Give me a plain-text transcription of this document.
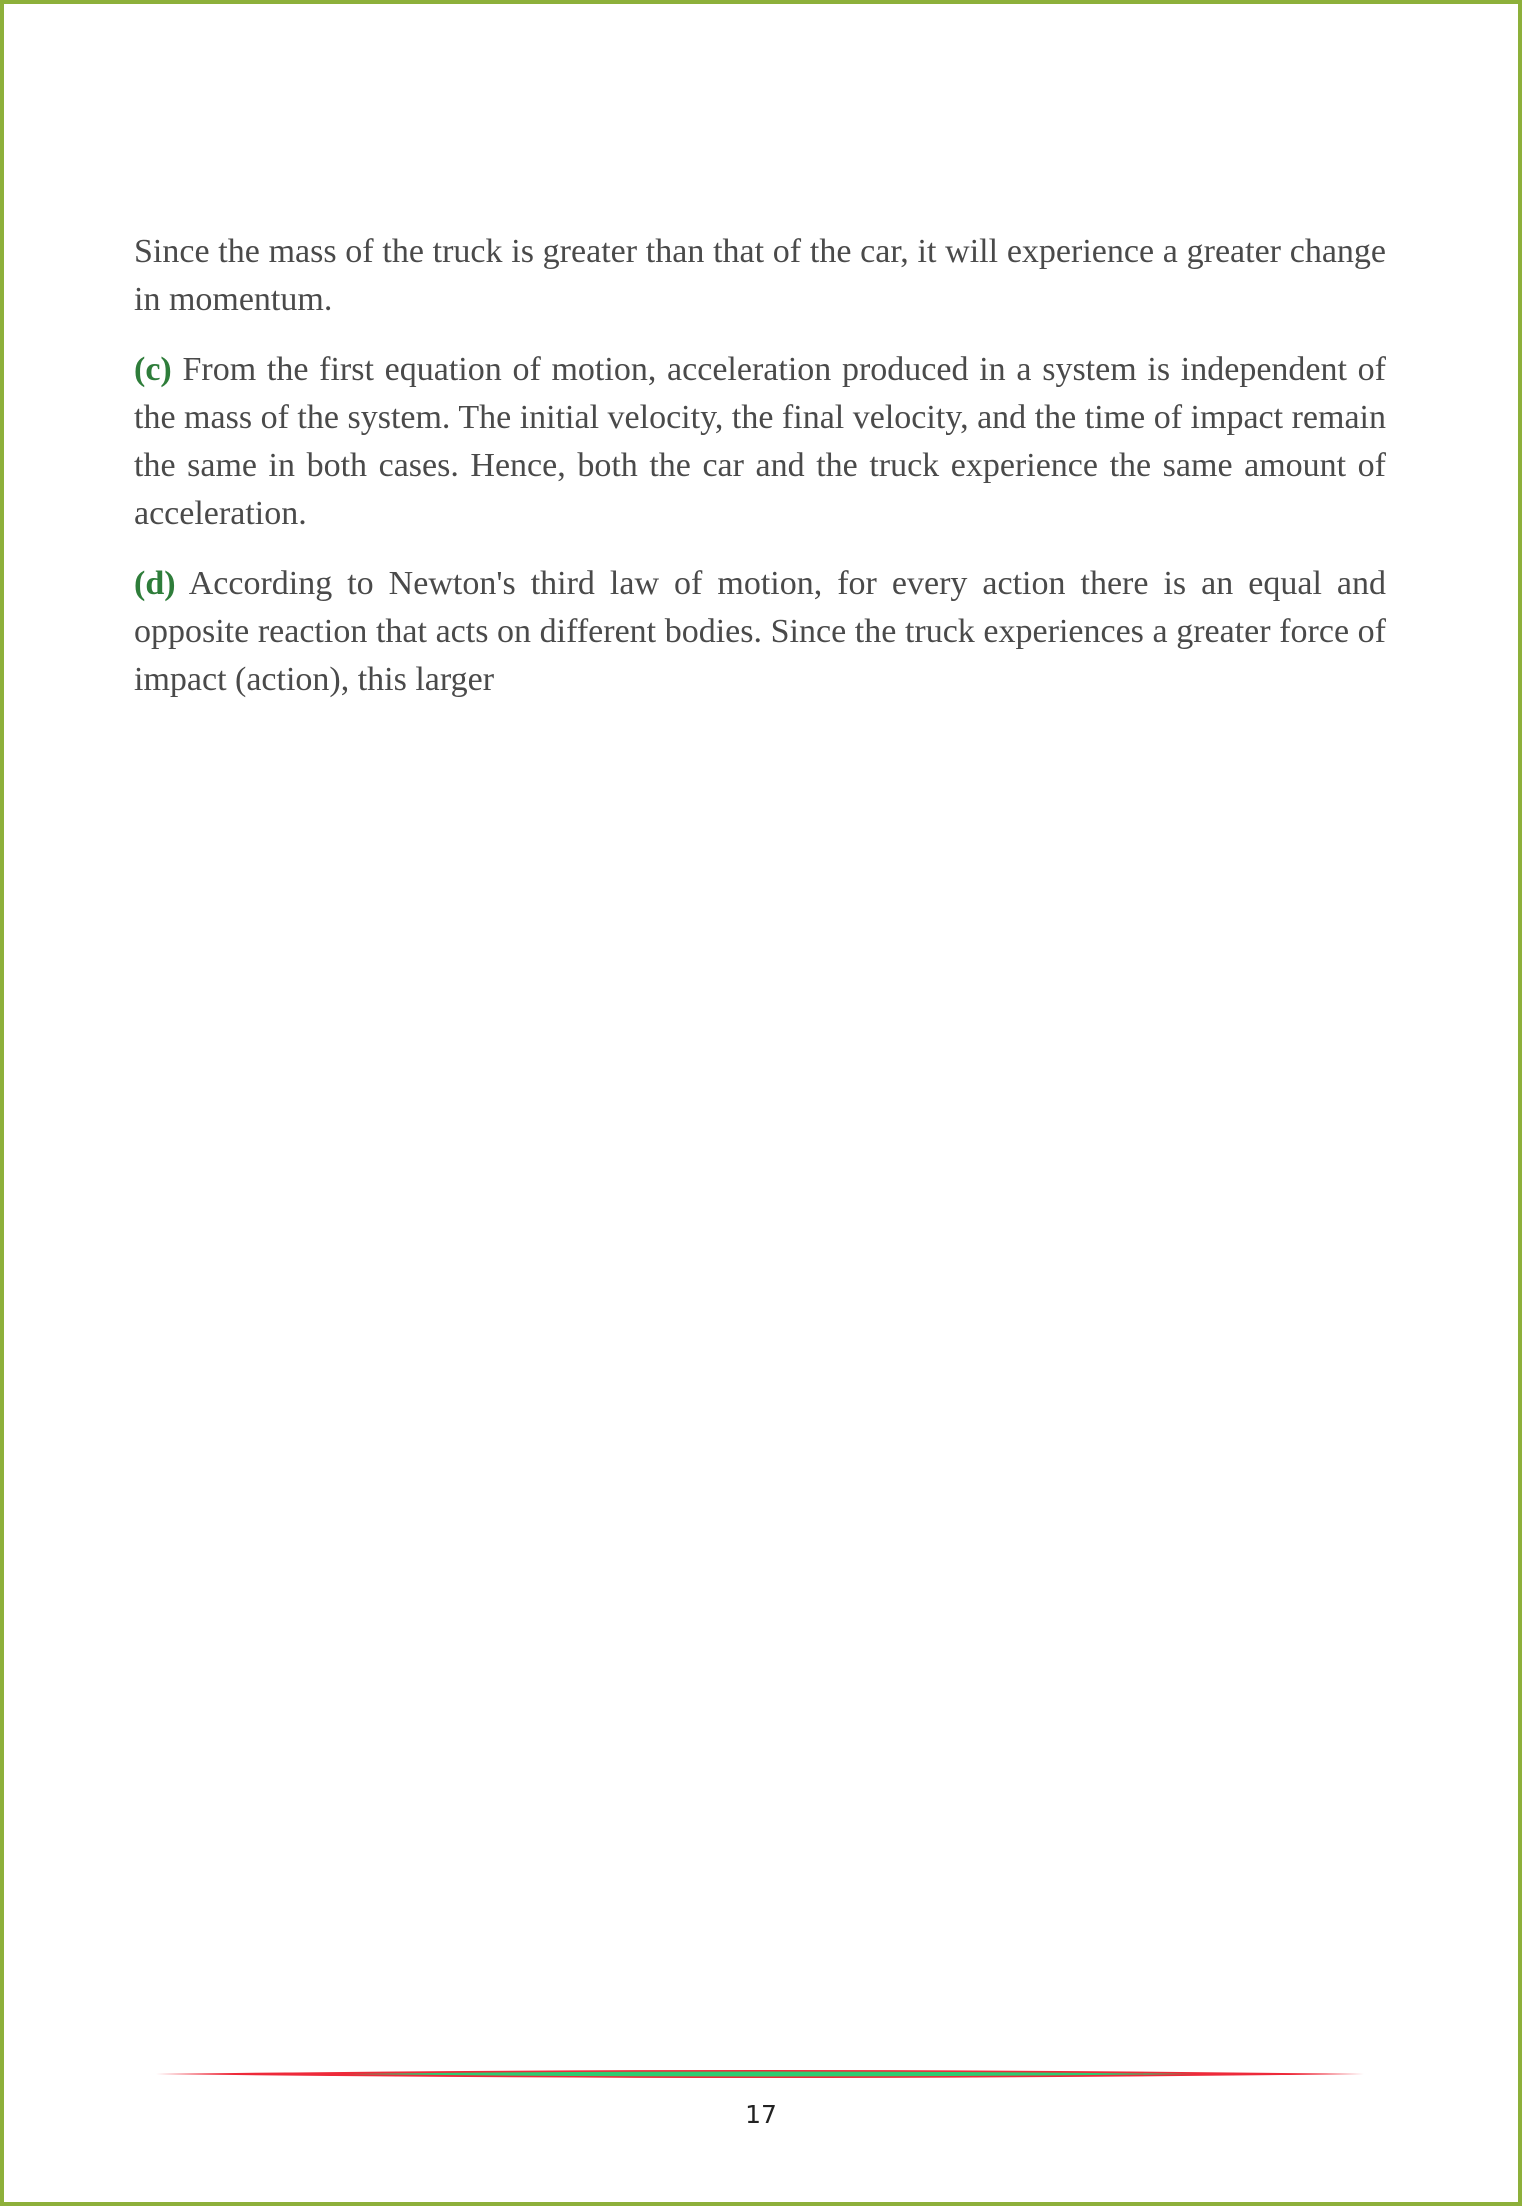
Since the mass of the truck is greater than that of the car, it will experience a greater change in momentum.

(c) From the first equation of motion, acceleration produced in a system is independent of the mass of the system. The initial velocity, the final velocity, and the time of impact remain the same in both cases. Hence, both the car and the truck experience the same amount of acceleration.

(d) According to Newton's third law of motion, for every action there is an equal and opposite reaction that acts on different bodies. Since the truck experiences a greater force of impact (action), this larger

17
